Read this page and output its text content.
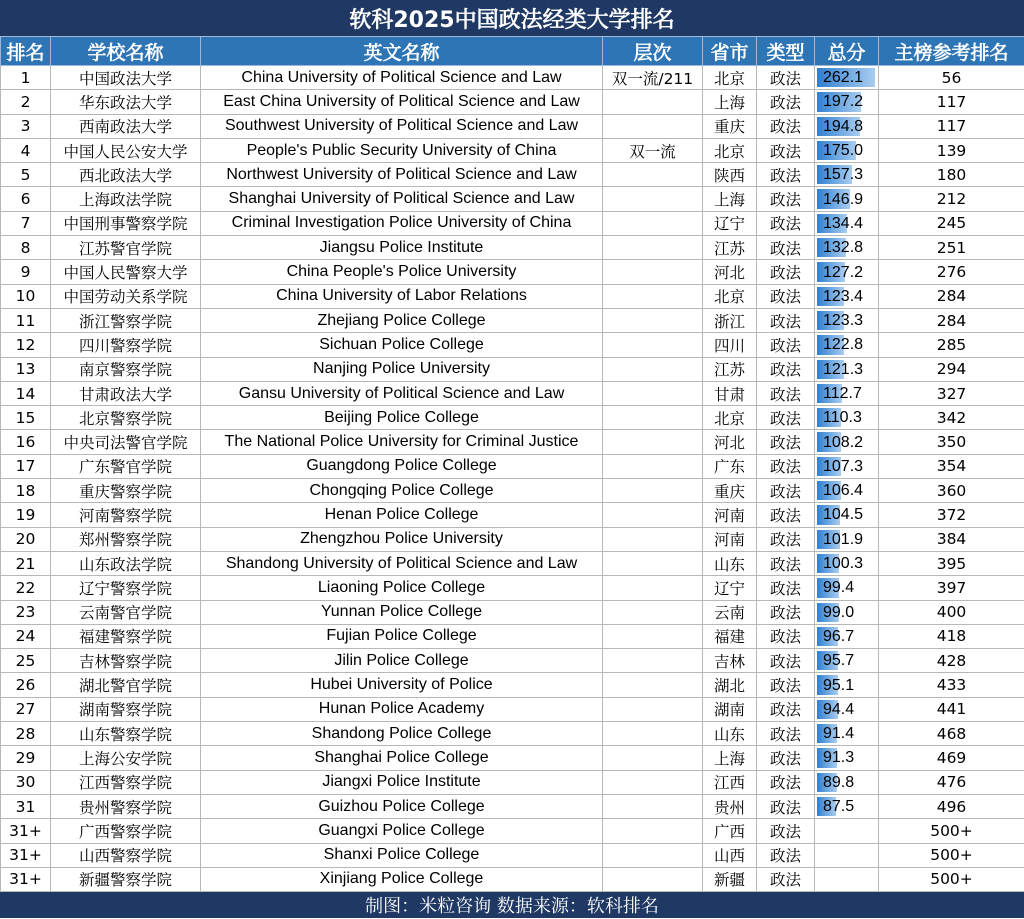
软科2025中国政法经类大学排名
排名	学校名称	英文名称	层次	省市	类型	总分	主榜参考排名
1	中国政法大学	China University of Political Science and Law	双一流/211	北京	政法	262.1	56
2	华东政法大学	East China University of Political Science and Law		上海	政法	197.2	117
3	西南政法大学	Southwest University of Political Science and Law		重庆	政法	194.8	117
4	中国人民公安大学	People's Public Security University of China	双一流	北京	政法	175.0	139
5	西北政法大学	Northwest University of Political Science and Law		陕西	政法	157.3	180
6	上海政法学院	Shanghai University of Political Science and Law		上海	政法	146.9	212
7	中国刑事警察学院	Criminal Investigation Police University of China		辽宁	政法	134.4	245
8	江苏警官学院	Jiangsu Police Institute		江苏	政法	132.8	251
9	中国人民警察大学	China People's Police University		河北	政法	127.2	276
10	中国劳动关系学院	China University of Labor Relations		北京	政法	123.4	284
11	浙江警察学院	Zhejiang Police College		浙江	政法	123.3	284
12	四川警察学院	Sichuan Police College		四川	政法	122.8	285
13	南京警察学院	Nanjing Police University		江苏	政法	121.3	294
14	甘肃政法大学	Gansu University of Political Science and Law		甘肃	政法	112.7	327
15	北京警察学院	Beijing Police College		北京	政法	110.3	342
16	中央司法警官学院	The National Police University for Criminal Justice		河北	政法	108.2	350
17	广东警官学院	Guangdong Police College		广东	政法	107.3	354
18	重庆警察学院	Chongqing Police College		重庆	政法	106.4	360
19	河南警察学院	Henan Police College		河南	政法	104.5	372
20	郑州警察学院	Zhengzhou Police University		河南	政法	101.9	384
21	山东政法学院	Shandong University of Political Science and Law		山东	政法	100.3	395
22	辽宁警察学院	Liaoning Police College		辽宁	政法	99.4	397
23	云南警官学院	Yunnan Police College		云南	政法	99.0	400
24	福建警察学院	Fujian Police College		福建	政法	96.7	418
25	吉林警察学院	Jilin Police College		吉林	政法	95.7	428
26	湖北警官学院	Hubei University of Police		湖北	政法	95.1	433
27	湖南警察学院	Hunan Police Academy		湖南	政法	94.4	441
28	山东警察学院	Shandong Police College		山东	政法	91.4	468
29	上海公安学院	Shanghai Police College		上海	政法	91.3	469
30	江西警察学院	Jiangxi Police Institute		江西	政法	89.8	476
31	贵州警察学院	Guizhou Police College		贵州	政法	87.5	496
31+	广西警察学院	Guangxi Police College		广西	政法		500+
31+	山西警察学院	Shanxi Police College		山西	政法		500+
31+	新疆警察学院	Xinjiang Police College		新疆	政法		500+
制图：米粒咨询 数据来源：软科排名
